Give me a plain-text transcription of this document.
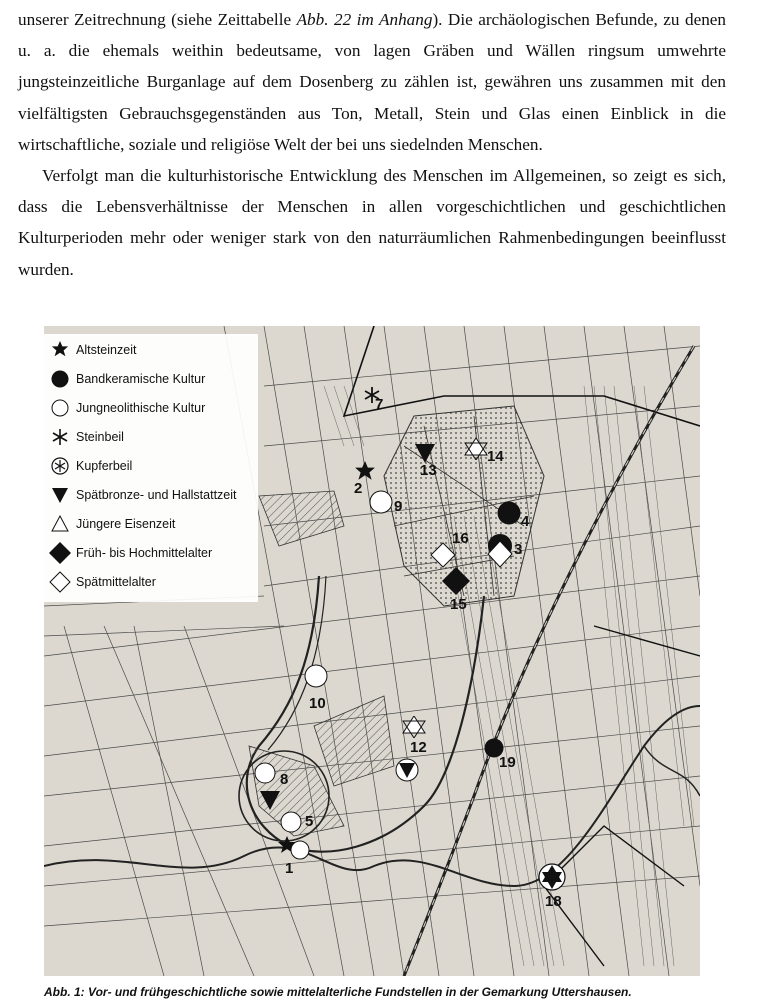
unserer Zeitrechnung (siehe Zeittabelle Abb. 22 im Anhang). Die archäologischen Befunde, zu denen u. a. die ehemals weithin bedeutsame, von lagen Gräben und Wällen ringsum umwehrte jungsteinzeitliche Burganlage auf dem Dosenberg zu zählen ist, gewähren uns zusammen mit den vielfältigsten Gebrauchsgegenständen aus Ton, Metall, Stein und Glas einen Einblick in die wirtschaftliche, soziale und religiöse Welt der bei uns siedelnden Menschen.

Verfolgt man die kulturhistorische Entwicklung des Menschen im Allgemeinen, so zeigt es sich, dass die Lebensverhältnisse der Menschen in allen vorgeschichtlichen und geschichtlichen Kulturperioden mehr oder weniger stark von den naturräumlichen Rahmenbedingungen beeinflusst wurden.

Altsteinzeit
Bandkeramische Kultur
Jungneolithische Kultur
Steinbeil
Kupferbeil
Spätbronze- und Hallstattzeit
Jüngere Eisenzeit
Früh- bis Hochmittelalter
Spätmittelalter
7
13
14
2
9
4
16
3
15
10
12
19
8
5
1
18
Abb. 1: Vor- und frühgeschichtliche sowie mittelalterliche Fundstellen in der Gemarkung Uttershausen.
